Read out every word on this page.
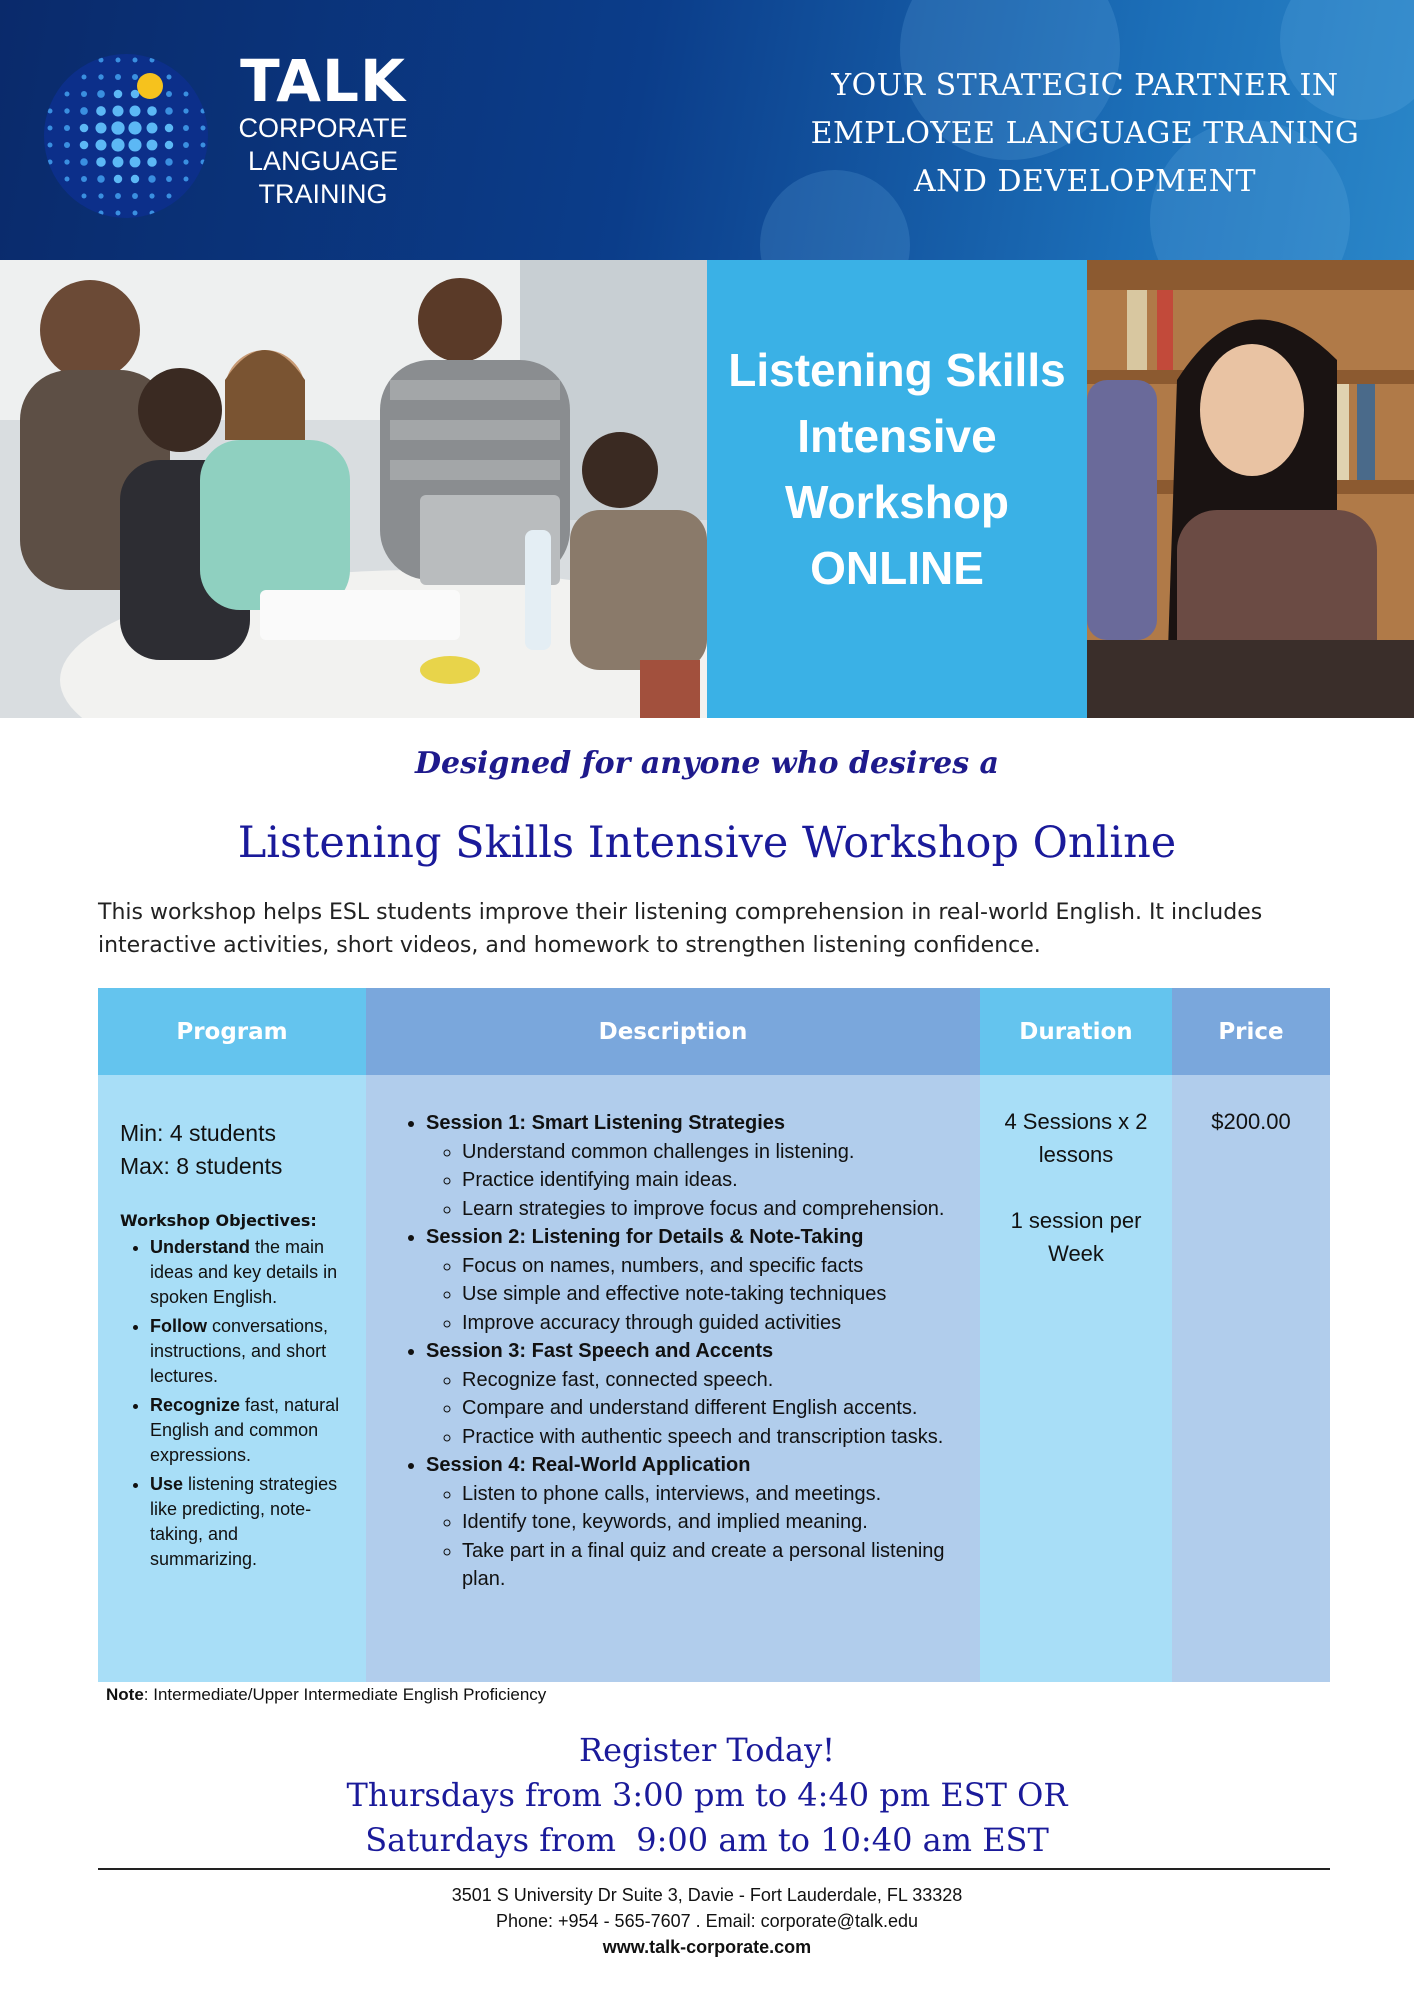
TALK
CORPORATE
LANGUAGE
TRAINING
YOUR STRATEGIC PARTNER IN
EMPLOYEE LANGUAGE TRANING
AND DEVELOPMENT
Listening Skills
Intensive
Workshop
ONLINE
Designed for anyone who desires a
Listening Skills Intensive Workshop Online
This workshop helps ESL students improve their listening comprehension in real-world English. It includes interactive activities, short videos, and homework to strengthen listening confidence.
Program
Min: 4 students
Max: 8 students
Workshop Objectives:
• Understand the main ideas and key details in spoken English.
• Follow conversations, instructions, and short lectures.
• Recognize fast, natural English and common expressions.
• Use listening strategies like predicting, note-taking, and summarizing.
Description
• Session 1: Smart Listening Strategies
◦ Understand common challenges in listening.
◦ Practice identifying main ideas.
◦ Learn strategies to improve focus and comprehension.
• Session 2: Listening for Details & Note-Taking
◦ Focus on names, numbers, and specific facts
◦ Use simple and effective note-taking techniques
◦ Improve accuracy through guided activities
• Session 3: Fast Speech and Accents
◦ Recognize fast, connected speech.
◦ Compare and understand different English accents.
◦ Practice with authentic speech and transcription tasks.
• Session 4: Real-World Application
◦ Listen to phone calls, interviews, and meetings.
◦ Identify tone, keywords, and implied meaning.
◦ Take part in a final quiz and create a personal listening plan.
Duration
4 Sessions x 2 lessons
1 session per Week
Price
$200.00
Note: Intermediate/Upper Intermediate English Proficiency
Register Today!
Thursdays from 3:00 pm to 4:40 pm EST OR
Saturdays from  9:00 am to 10:40 am EST
3501 S University Dr Suite 3, Davie - Fort Lauderdale, FL 33328
Phone: +954 - 565-7607 . Email: corporate@talk.edu
www.talk-corporate.com
